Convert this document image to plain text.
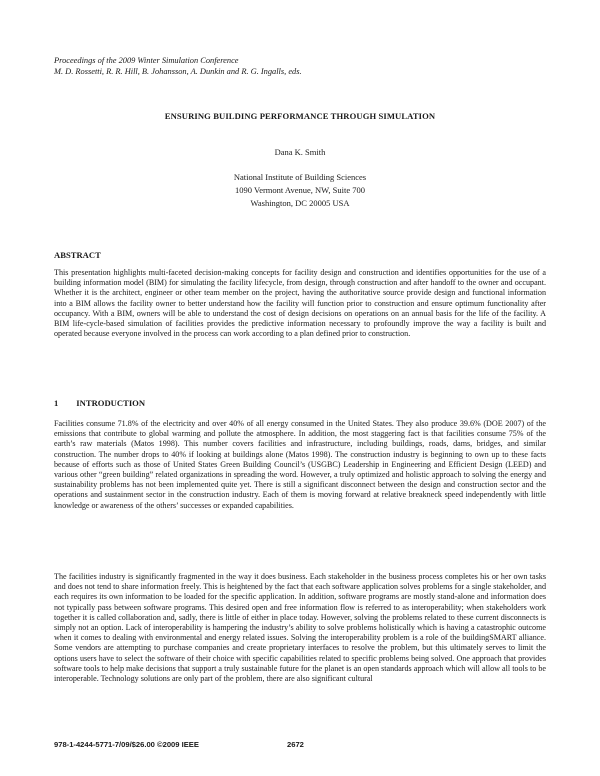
Proceedings of the 2009 Winter Simulation Conference
M. D. Rossetti, R. R. Hill, B. Johansson, A. Dunkin and R. G. Ingalls, eds.
ENSURING BUILDING PERFORMANCE THROUGH SIMULATION
Dana K. Smith
National Institute of Building Sciences
1090 Vermont Avenue, NW, Suite 700
Washington, DC 20005 USA
ABSTRACT
This presentation highlights multi-faceted decision-making concepts for facility design and construction and identifies opportunities for the use of a building information model (BIM) for simulating the facility lifecycle, from design, through construction and after handoff to the owner and occupant. Whether it is the architect, engineer or other team member on the project, having the authoritative source provide design and functional information into a BIM allows the facility owner to better understand how the facility will function prior to construction and ensure optimum functionality after occupancy. With a BIM, owners will be able to understand the cost of design decisions on operations on an annual basis for the life of the facility. A BIM life-cycle-based simulation of facilities provides the predictive information necessary to profoundly improve the way a facility is built and operated because everyone involved in the process can work according to a plan defined prior to construction.
1 INTRODUCTION
Facilities consume 71.8% of the electricity and over 40% of all energy consumed in the United States. They also produce 39.6% (DOE 2007) of the emissions that contribute to global warming and pollute the atmosphere. In addition, the most staggering fact is that facilities consume 75% of the earth’s raw materials (Matos 1998). This number covers facilities and infrastructure, including buildings, roads, dams, bridges, and similar construction. The number drops to 40% if looking at buildings alone (Matos 1998). The construction industry is beginning to own up to these facts because of efforts such as those of United States Green Building Council’s (USGBC) Leadership in Engineering and Efficient Design (LEED) and various other “green building” related organizations in spreading the word. However, a truly optimized and holistic approach to solving the energy and sustainability problems has not been implemented quite yet. There is still a significant disconnect between the design and construction sector and the operations and sustainment sector in the construction industry. Each of them is moving forward at relative breakneck speed independently with little knowledge or awareness of the others’ successes or expanded capabilities.
The facilities industry is significantly fragmented in the way it does business. Each stakeholder in the business process completes his or her own tasks and does not tend to share information freely. This is heightened by the fact that each software application solves problems for a single stakeholder, and each requires its own information to be loaded for the specific application. In addition, software programs are mostly stand-alone and information does not typically pass between software programs. This desired open and free information flow is referred to as interoperability; when stakeholders work together it is called collaboration and, sadly, there is little of either in place today. However, solving the problems related to these current disconnects is simply not an option. Lack of interoperability is hampering the industry’s ability to solve problems holistically which is having a catastrophic outcome when it comes to dealing with environmental and energy related issues. Solving the interoperability problem is a role of the buildingSMART alliance. Some vendors are attempting to purchase companies and create proprietary interfaces to resolve the problem, but this ultimately serves to limit the options users have to select the software of their choice with specific capabilities related to specific problems being solved. One approach that provides software tools to help make decisions that support a truly sustainable future for the planet is an open standards approach which will allow all tools to be interoperable. Technology solutions are only part of the problem, there are also significant cultural
978-1-4244-5771-7/09/$26.00 ©2009 IEEE	2672
